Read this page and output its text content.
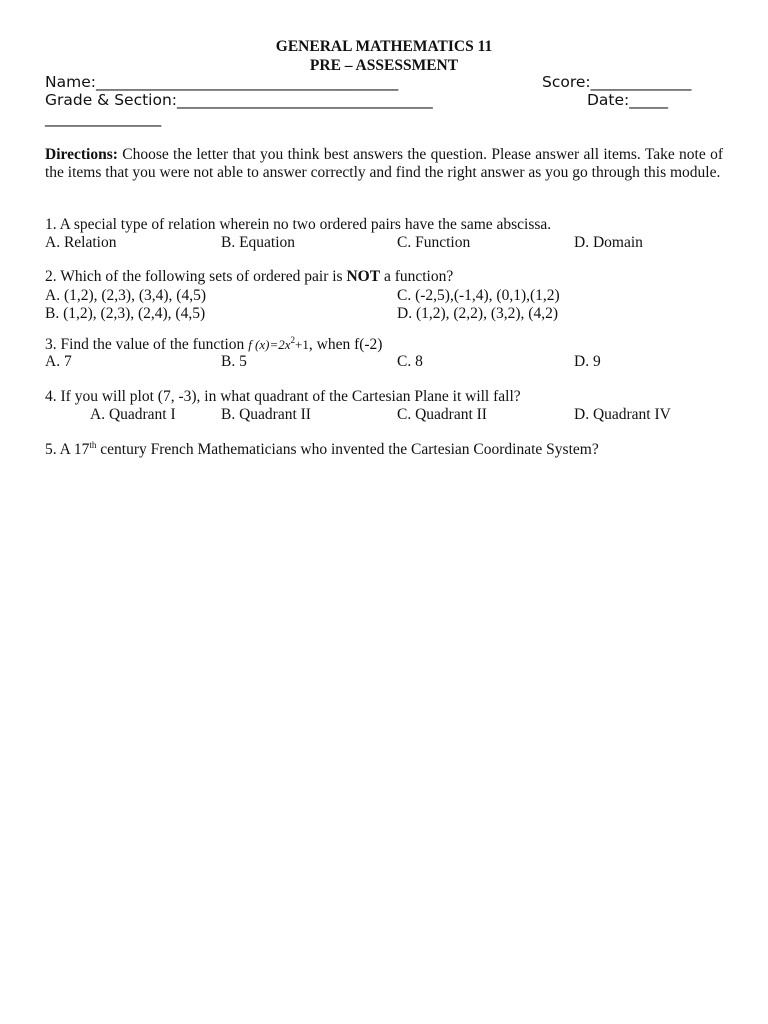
GENERAL MATHEMATICS 11
PRE – ASSESSMENT
Name:_______________________________________	Score:_____________
Grade & Section:_________________________________	Date:_____
_______________
Directions: Choose the letter that you think best answers the question. Please answer all items. Take note of the items that you were not able to answer correctly and find the right answer as you go through this module.
1. A special type of relation wherein no two ordered pairs have the same abscissa.
A. Relation	B. Equation	C. Function	D. Domain
2. Which of the following sets of ordered pair is NOT a function?
A. (1,2), (2,3), (3,4), (4,5)	C. (-2,5),(-1,4), (0,1),(1,2)
B. (1,2), (2,3), (2,4), (4,5)	D. (1,2), (2,2), (3,2), (4,2)
3. Find the value of the function f $(x)=2x^2+1$, when f(-2)
A. 7	B. 5	C. 8	D. 9
4. If you will plot (7, -3), in what quadrant of the Cartesian Plane it will fall?
A. Quadrant I	B. Quadrant II	C. Quadrant II	D. Quadrant IV
5. A 17th century French Mathematicians who invented the Cartesian Coordinate System?
